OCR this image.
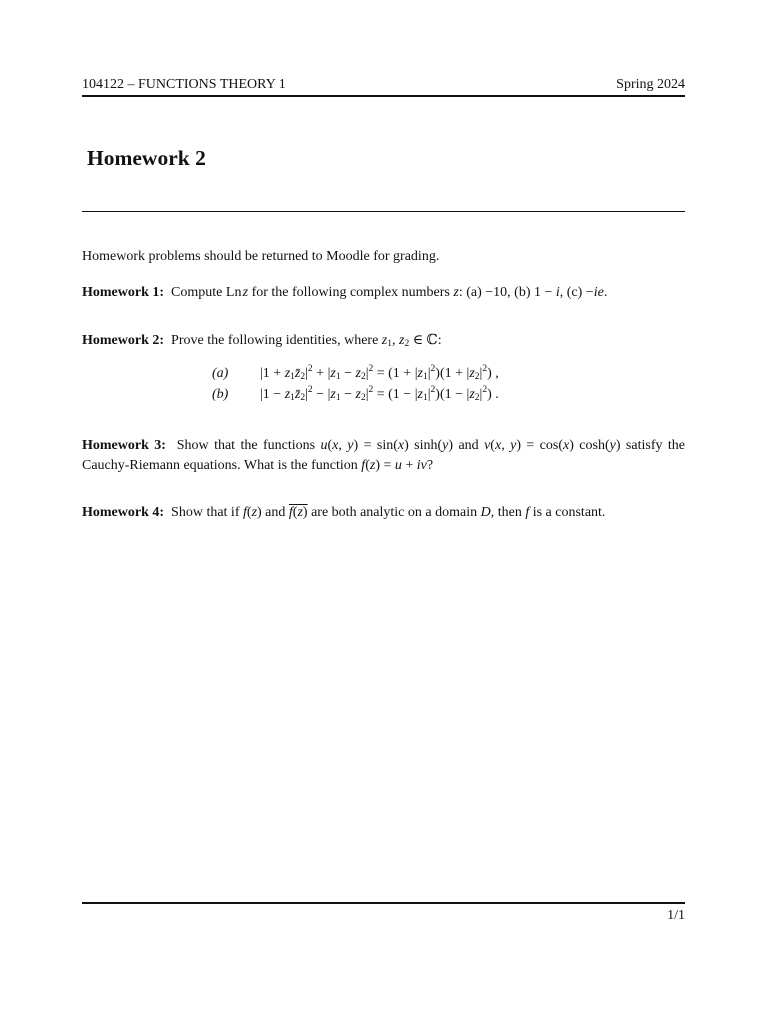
104122 – FUNCTIONS THEORY 1	Spring 2024
Homework 2
Homework problems should be returned to Moodle for grading.
Homework 1: Compute Ln z for the following complex numbers z: (a) −10, (b) 1 − i, (c) −ie.
Homework 2: Prove the following identities, where $z_1$, $z_2$ ∈ ℂ:
(a) $|1 + z_1z̄_2|^2 + |z_1 - z_2|^2 = (1 + |z_1|^2)(1 + |z_2|^2)$ ,
(b) $|1 - z_1z̄_2|^2 - |z_1 - z_2|^2 = (1 - |z_1|^2)(1 - |z_2|^2)$ .
Homework 3: Show that the functions u(x, y) = sin(x) sinh(y) and v(x, y) = cos(x) cosh(y) satisfy the Cauchy-Riemann equations. What is the function f(z) = u + iv?
Homework 4: Show that if f(z) and f(z) are both analytic on a domain D, then f is a constant.
1/1
